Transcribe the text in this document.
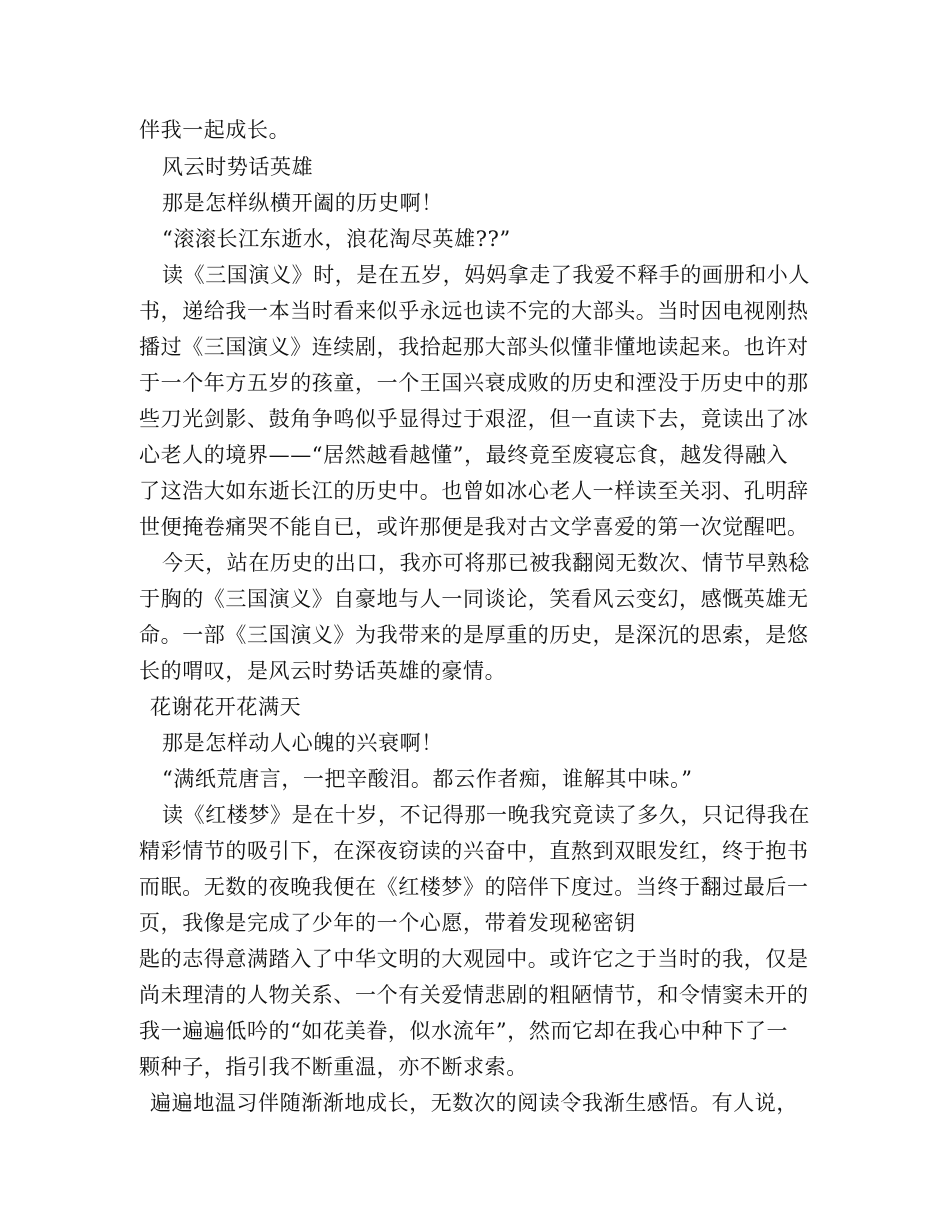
伴我一起成长。
风云时势话英雄
那是怎样纵横开阖的历史啊！
“滚滚长江东逝水，浪花淘尽英雄??”
读《三国演义》时，是在五岁，妈妈拿走了我爱不释手的画册和小人
书，递给我一本当时看来似乎永远也读不完的大部头。当时因电视刚热
播过《三国演义》连续剧，我拾起那大部头似懂非懂地读起来。也许对
于一个年方五岁的孩童，一个王国兴衰成败的历史和湮没于历史中的那
些刀光剑影、鼓角争鸣似乎显得过于艰涩，但一直读下去，竟读出了冰
心老人的境界——“居然越看越懂”，最终竟至废寝忘食，越发得融入
了这浩大如东逝长江的历史中。也曾如冰心老人一样读至关羽、孔明辞
世便掩卷痛哭不能自已，或许那便是我对古文学喜爱的第一次觉醒吧。
今天，站在历史的出口，我亦可将那已被我翻阅无数次、情节早熟稔
于胸的《三国演义》自豪地与人一同谈论，笑看风云变幻，感慨英雄无
命。一部《三国演义》为我带来的是厚重的历史，是深沉的思索，是悠
长的喟叹，是风云时势话英雄的豪情。
花谢花开花满天
那是怎样动人心魄的兴衰啊！
“满纸荒唐言，一把辛酸泪。都云作者痴，谁解其中味。”
读《红楼梦》是在十岁，不记得那一晚我究竟读了多久，只记得我在
精彩情节的吸引下，在深夜窃读的兴奋中，直熬到双眼发红，终于抱书
而眠。无数的夜晚我便在《红楼梦》的陪伴下度过。当终于翻过最后一
页，我像是完成了少年的一个心愿，带着发现秘密钥
匙的志得意满踏入了中华文明的大观园中。或许它之于当时的我，仅是
尚未理清的人物关系、一个有关爱情悲剧的粗陋情节，和令情窦未开的
我一遍遍低吟的“如花美眷，似水流年”，然而它却在我心中种下了一
颗种子，指引我不断重温，亦不断求索。
遍遍地温习伴随渐渐地成长，无数次的阅读令我渐生感悟。有人说，
